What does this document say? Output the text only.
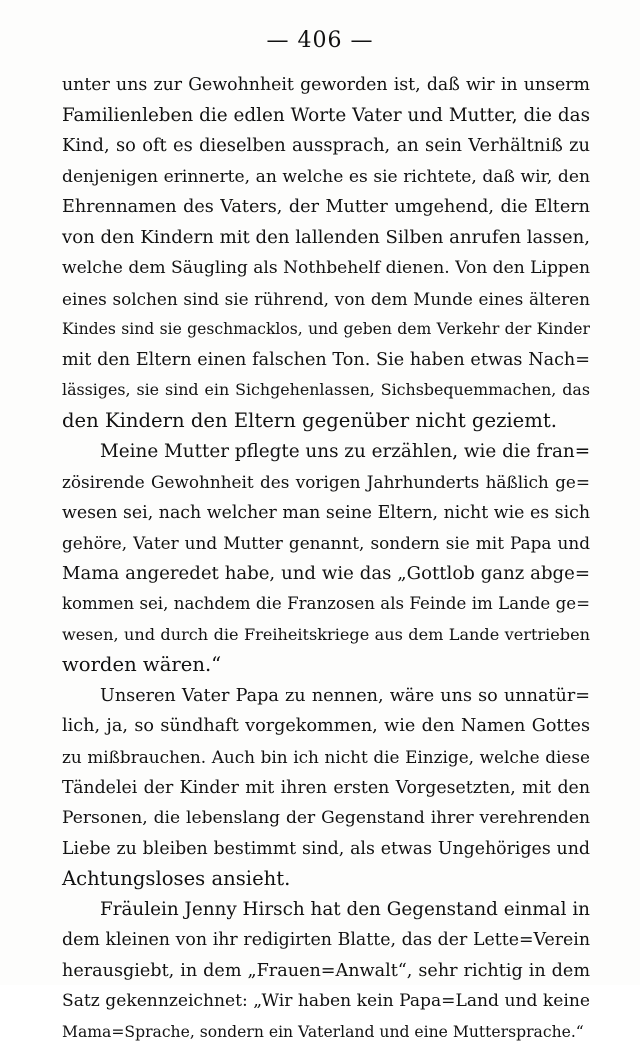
— 406 —
unter uns zur Gewohnheit geworden ist, daß wir in unserm
Familienleben die edlen Worte Vater und Mutter, die das
Kind, so oft es dieselben aussprach, an sein Verhältniß zu
denjenigen erinnerte, an welche es sie richtete, daß wir, den
Ehrennamen des Vaters, der Mutter umgehend, die Eltern
von den Kindern mit den lallenden Silben anrufen lassen,
welche dem Säugling als Nothbehelf dienen. Von den Lippen
eines solchen sind sie rührend, von dem Munde eines älteren
Kindes sind sie geschmacklos, und geben dem Verkehr der Kinder
mit den Eltern einen falschen Ton. Sie haben etwas Nach=
lässiges, sie sind ein Sichgehenlassen, Sichsbequemmachen, das
den Kindern den Eltern gegenüber nicht geziemt.
Meine Mutter pflegte uns zu erzählen, wie die fran=
zösirende Gewohnheit des vorigen Jahrhunderts häßlich ge=
wesen sei, nach welcher man seine Eltern, nicht wie es sich
gehöre, Vater und Mutter genannt, sondern sie mit Papa und
Mama angeredet habe, und wie das „Gottlob ganz abge=
kommen sei, nachdem die Franzosen als Feinde im Lande ge=
wesen, und durch die Freiheitskriege aus dem Lande vertrieben
worden wären.“
Unseren Vater Papa zu nennen, wäre uns so unnatür=
lich, ja, so sündhaft vorgekommen, wie den Namen Gottes
zu mißbrauchen. Auch bin ich nicht die Einzige, welche diese
Tändelei der Kinder mit ihren ersten Vorgesetzten, mit den
Personen, die lebenslang der Gegenstand ihrer verehrenden
Liebe zu bleiben bestimmt sind, als etwas Ungehöriges und
Achtungsloses ansieht.
Fräulein Jenny Hirsch hat den Gegenstand einmal in
dem kleinen von ihr redigirten Blatte, das der Lette=Verein
herausgiebt, in dem „Frauen=Anwalt“, sehr richtig in dem
Satz gekennzeichnet: „Wir haben kein Papa=Land und keine
Mama=Sprache, sondern ein Vaterland und eine Muttersprache.“
